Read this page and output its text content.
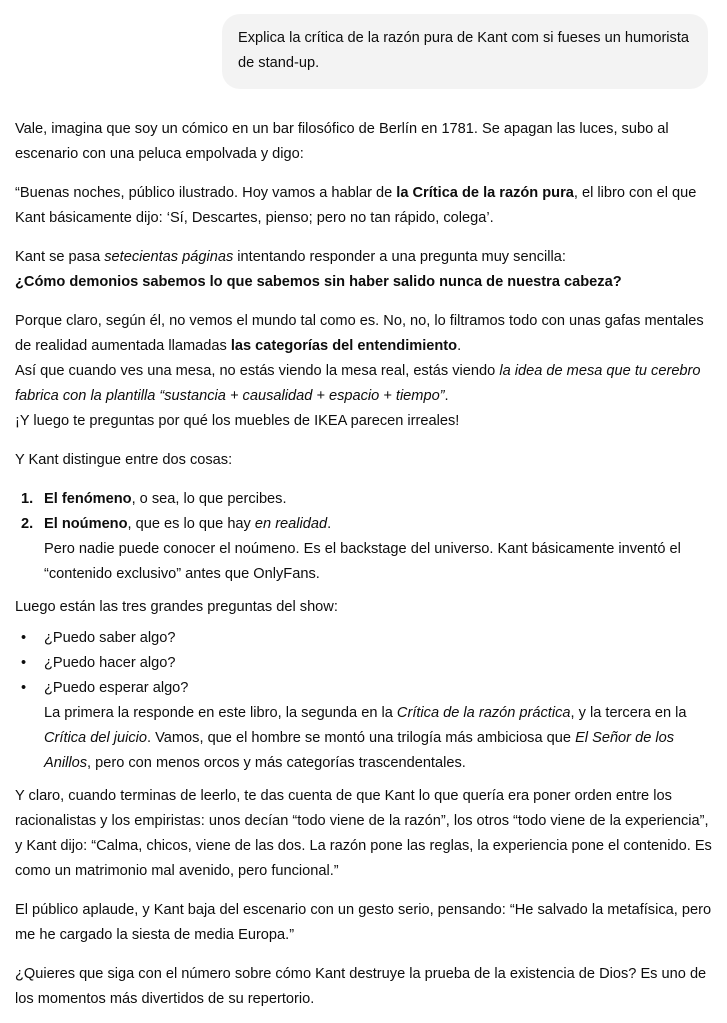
Explica la crítica de la razón pura de Kant com si fueses un humorista de stand-up.

Vale, imagina que soy un cómico en un bar filosófico de Berlín en 1781. Se apagan las luces, subo al escenario con una peluca empolvada y digo:

“Buenas noches, público ilustrado. Hoy vamos a hablar de la Crítica de la razón pura, el libro con el que Kant básicamente dijo: ‘Sí, Descartes, pienso; pero no tan rápido, colega’.

Kant se pasa setecientas páginas intentando responder a una pregunta muy sencilla:
¿Cómo demonios sabemos lo que sabemos sin haber salido nunca de nuestra cabeza?

Porque claro, según él, no vemos el mundo tal como es. No, no, lo filtramos todo con unas gafas mentales de realidad aumentada llamadas las categorías del entendimiento.
Así que cuando ves una mesa, no estás viendo la mesa real, estás viendo la idea de mesa que tu cerebro fabrica con la plantilla “sustancia + causalidad + espacio + tiempo”.
¡Y luego te preguntas por qué los muebles de IKEA parecen irreales!

Y Kant distingue entre dos cosas:

1. El fenómeno, o sea, lo que percibes.
2. El noúmeno, que es lo que hay en realidad.
Pero nadie puede conocer el noúmeno. Es el backstage del universo. Kant básicamente inventó el “contenido exclusivo” antes que OnlyFans.

Luego están las tres grandes preguntas del show:

• ¿Puedo saber algo?
• ¿Puedo hacer algo?
• ¿Puedo esperar algo?
La primera la responde en este libro, la segunda en la Crítica de la razón práctica, y la tercera en la Crítica del juicio. Vamos, que el hombre se montó una trilogía más ambiciosa que El Señor de los Anillos, pero con menos orcos y más categorías trascendentales.

Y claro, cuando terminas de leerlo, te das cuenta de que Kant lo que quería era poner orden entre los racionalistas y los empiristas: unos decían “todo viene de la razón”, los otros “todo viene de la experiencia”, y Kant dijo: “Calma, chicos, viene de las dos. La razón pone las reglas, la experiencia pone el contenido. Es como un matrimonio mal avenido, pero funcional.”

El público aplaude, y Kant baja del escenario con un gesto serio, pensando: “He salvado la metafísica, pero me he cargado la siesta de media Europa.”

¿Quieres que siga con el número sobre cómo Kant destruye la prueba de la existencia de Dios? Es uno de los momentos más divertidos de su repertorio.
